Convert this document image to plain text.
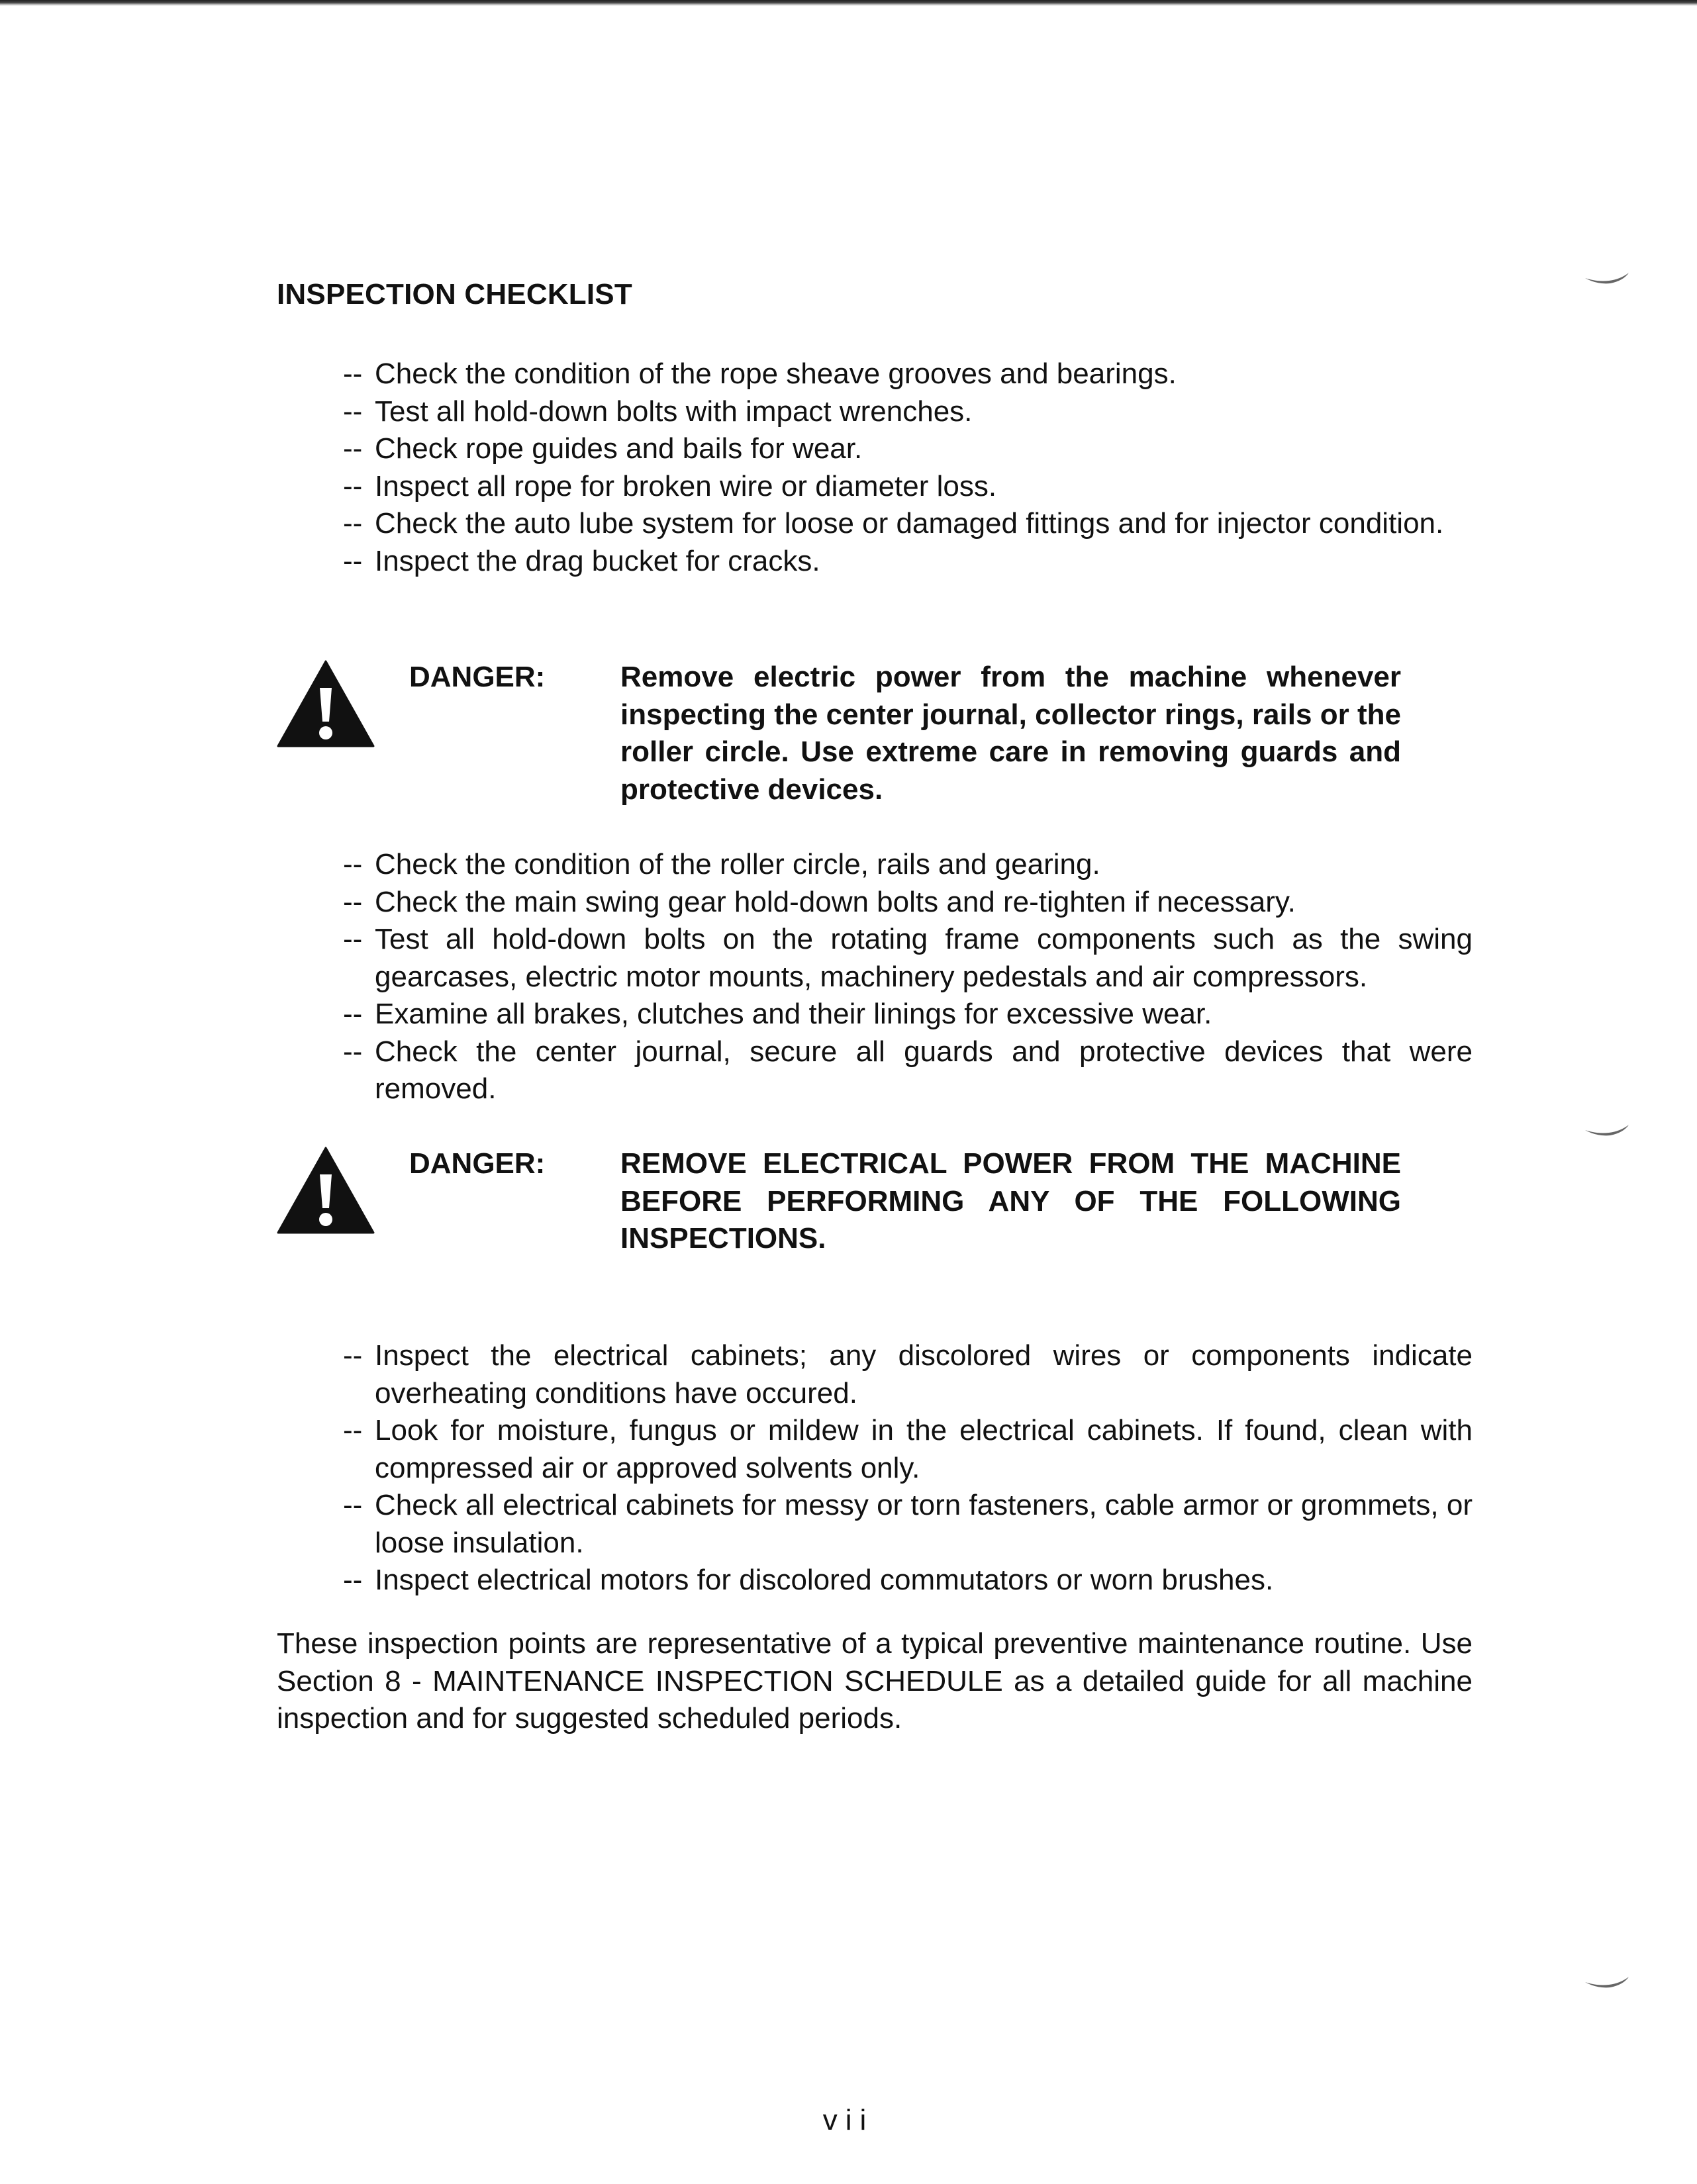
INSPECTION CHECKLIST
-- Check the condition of the rope sheave grooves and bearings.
-- Test all hold-down bolts with impact wrenches.
-- Check rope guides and bails for wear.
-- Inspect all rope for broken wire or diameter loss.
-- Check the auto lube system for loose or damaged fittings and for injector condition.
-- Inspect the drag bucket for cracks.
DANGER:	Remove electric power from the machine whenever inspecting the center journal, collector rings, rails or the roller circle. Use extreme care in removing guards and protective devices.

-- Check the condition of the roller circle, rails and gearing.
-- Check the main swing gear hold-down bolts and re-tighten if necessary.
-- Test all hold-down bolts on the rotating frame components such as the swing gearcases, electric motor mounts, machinery pedestals and air compressors.
-- Examine all brakes, clutches and their linings for excessive wear.
-- Check the center journal, secure all guards and protective devices that were removed.
DANGER:	REMOVE ELECTRICAL POWER FROM THE MACHINE BEFORE PERFORMING ANY OF THE FOLLOWING INSPECTIONS.

-- Inspect the electrical cabinets; any discolored wires or components indicate overheating conditions have occured.
-- Look for moisture, fungus or mildew in the electrical cabinets. If found, clean with compressed air or approved solvents only.
-- Check all electrical cabinets for messy or torn fasteners, cable armor or grommets, or loose insulation.
-- Inspect electrical motors for discolored commutators or worn brushes.

These inspection points are representative of a typical preventive maintenance routine. Use Section 8 - MAINTENANCE INSPECTION SCHEDULE as a detailed guide for all machine inspection and for suggested scheduled periods.

vii
